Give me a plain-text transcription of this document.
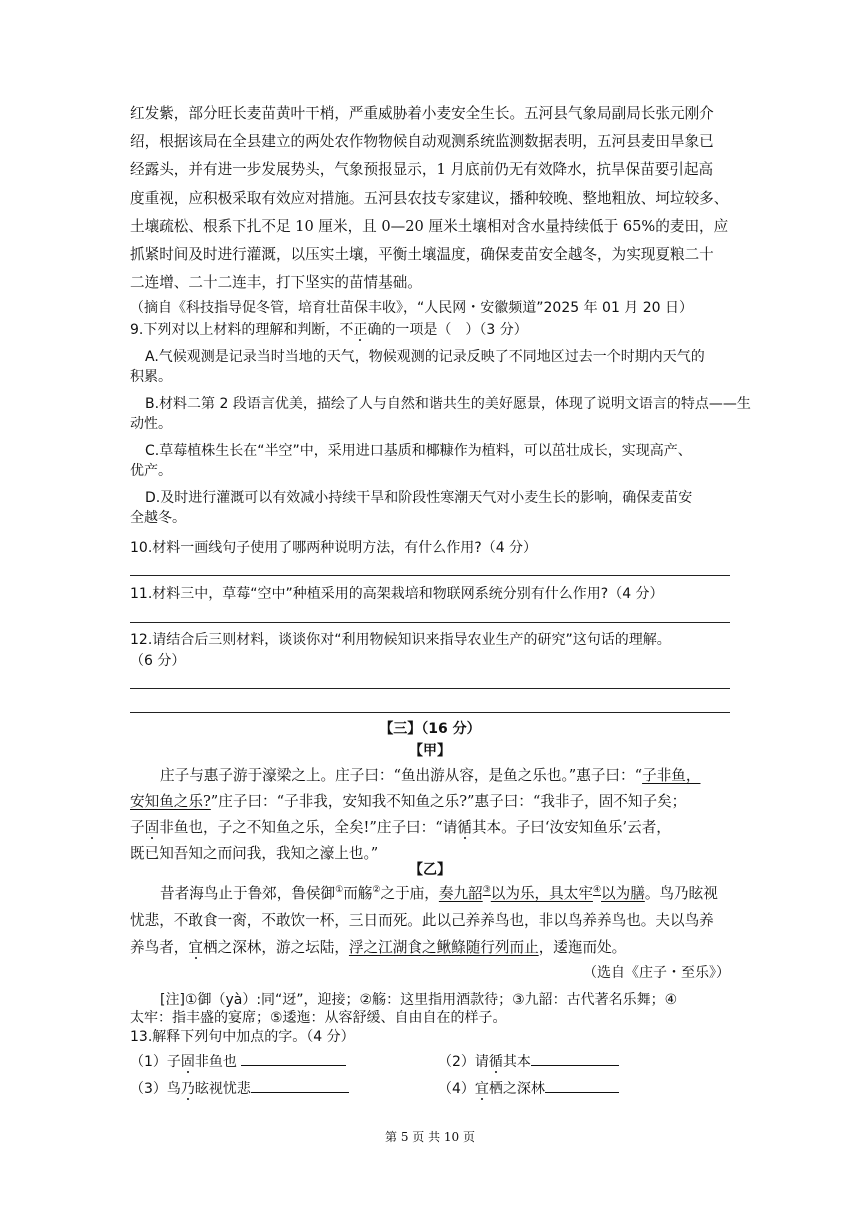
红发紫，部分旺长麦苗黄叶干梢，严重威胁着小麦安全生长。五河县气象局副局长张元刚介
绍，根据该局在全县建立的两处农作物物候自动观测系统监测数据表明，五河县麦田旱象已
经露头，并有进一步发展势头，气象预报显示，1 月底前仍无有效降水，抗旱保苗要引起高
度重视，应积极采取有效应对措施。五河县农技专家建议，播种较晚、整地粗放、坷垃较多、
土壤疏松、根系下扎不足 10 厘米，且 0—20 厘米土壤相对含水量持续低于 65%的麦田，应
抓紧时间及时进行灌溉，以压实土壤，平衡土壤温度，确保麦苗安全越冬，为实现夏粮二十
二连增、二十二连丰，打下坚实的苗情基础。
（摘自《科技指导促冬管，培育壮苗保丰收》，“人民网・安徽频道”2025 年 01 月 20 日）
9.下列对以上材料的理解和判断，不正确的一项是（　）（3 分）
A.气候观测是记录当时当地的天气，物候观测的记录反映了不同地区过去一个时期内天气的
积累。
B.材料二第 2 段语言优美，描绘了人与自然和谐共生的美好愿景，体现了说明文语言的特点——生
动性。
C.草莓植株生长在“半空”中，采用进口基质和椰糠作为植料，可以茁壮成长，实现高产、
优产。
D.及时进行灌溉可以有效减小持续干旱和阶段性寒潮天气对小麦生长的影响，确保麦苗安
全越冬。
10.材料一画线句子使用了哪两种说明方法，有什么作用?（4 分）
11.材料三中，草莓“空中”种植采用的高架栽培和物联网系统分别有什么作用?（4 分）
12.请结合后三则材料，谈谈你对“利用物候知识来指导农业生产的研究”这句话的理解。
（6 分）
【三】（16 分）
【甲】
庄子与惠子游于濠梁之上。庄子曰：“鱼出游从容，是鱼之乐也。”惠子曰：“子非鱼，
安知鱼之乐?”庄子曰：“子非我，安知我不知鱼之乐?”惠子曰：“我非子，固不知子矣；
子固非鱼也，子之不知鱼之乐，全矣!”庄子曰：“请循其本。子曰‘汝安知鱼乐’云者，
既已知吾知之而问我，我知之濠上也。”
【乙】
昔者海鸟止于鲁郊，鲁侯御①而觞②之于庙，奏九韶③以为乐，具太牢④以为膳。鸟乃眩视
忧悲，不敢食一脔，不敢饮一杯，三日而死。此以己养养鸟也，非以鸟养养鸟也。夫以鸟养
养鸟者，宜栖之深林，游之坛陆，浮之江湖食之鳅鲦随行列而止，逶迤而处。
（选自《庄子・至乐》）
[注]①御（yà）:同“迓”，迎接；②觞：这里指用酒款待；③九韶：古代著名乐舞；④
太牢：指丰盛的宴席；⑤逶迤：从容舒缓、自由自在的样子。
13.解释下列句中加点的字。（4 分）
（1）子固非鱼也	（2）请循其本
（3）鸟乃眩视忧悲	（4）宜栖之深林
第 5 页 共 10 页
